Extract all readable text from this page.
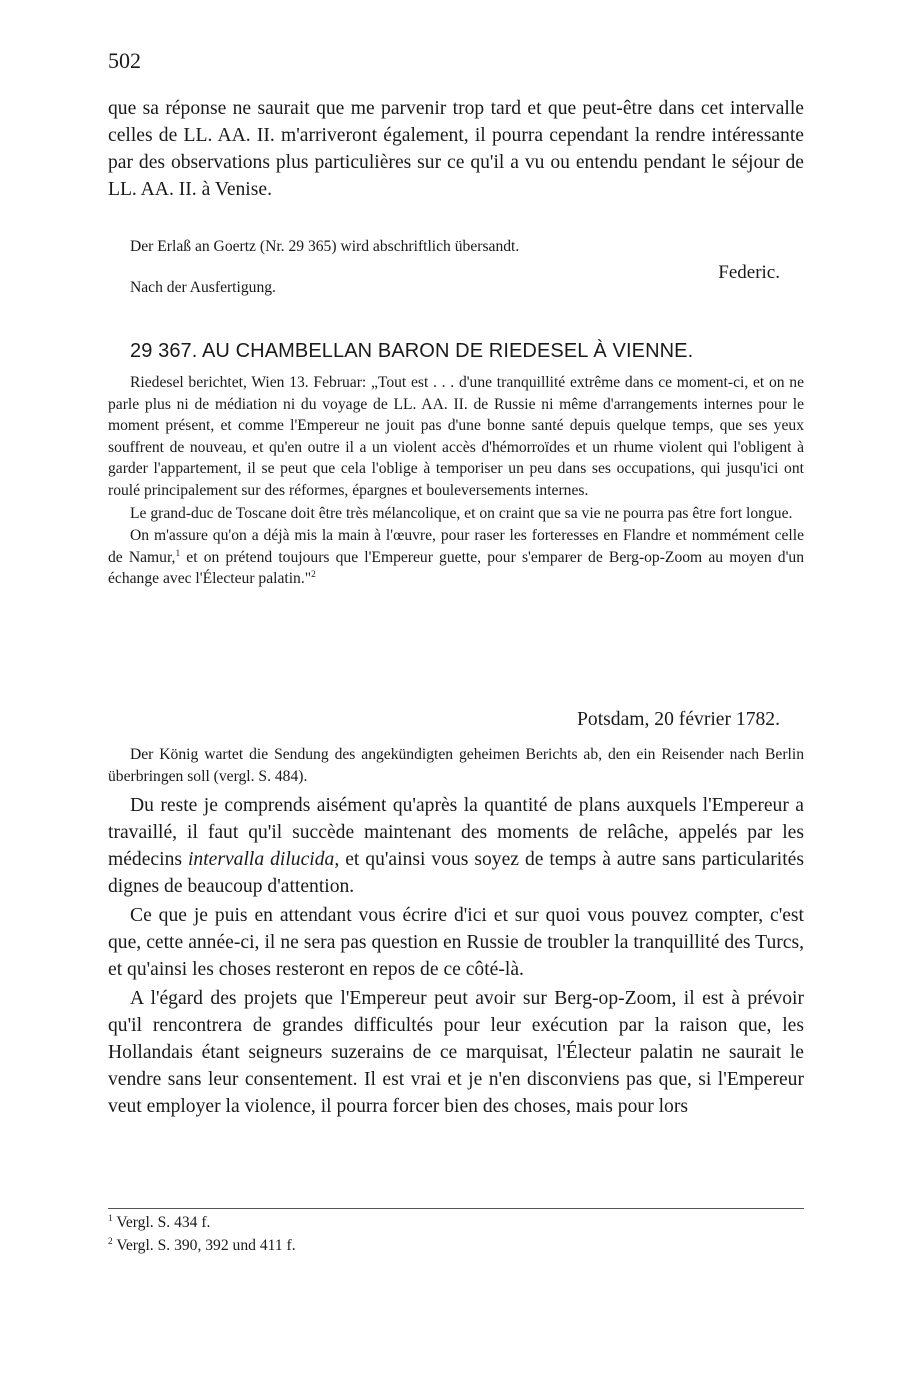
502

que sa réponse ne saurait que me parvenir trop tard et que peut-être dans cet intervalle celles de LL. AA. II. m'arriveront également, il pourra cependant la rendre intéressante par des observations plus particulières sur ce qu'il a vu ou entendu pendant le séjour de LL. AA. II. à Venise.

Der Erlaß an Goertz (Nr. 29 365) wird abschriftlich übersandt.

Federic.
Nach der Ausfertigung.
29 367. AU CHAMBELLAN BARON DE RIEDESEL À VIENNE.

Riedesel berichtet, Wien 13. Februar: „Tout est . . . d'une tranquillité extrême dans ce moment-ci, et on ne parle plus ni de médiation ni du voyage de LL. AA. II. de Russie ni même d'arrangements internes pour le moment présent, et comme l'Empereur ne jouit pas d'une bonne santé depuis quelque temps, que ses yeux souffrent de nouveau, et qu'en outre il a un violent accès d'hémorroïdes et un rhume violent qui l'obligent à garder l'appartement, il se peut que cela l'oblige à temporiser un peu dans ses occupations, qui jusqu'ici ont roulé principalement sur des réformes, épargnes et bouleversements internes.

Le grand-duc de Toscane doit être très mélancolique, et on craint que sa vie ne pourra pas être fort longue.

On m'assure qu'on a déjà mis la main à l'œuvre, pour raser les forteresses en Flandre et nommément celle de Namur,$^1$ et on prétend toujours que l'Empereur guette, pour s'emparer de Berg-op-Zoom au moyen d'un échange avec l'Électeur palatin."$^2$

Potsdam, 20 février 1782.

Der König wartet die Sendung des angekündigten geheimen Berichts ab, den ein Reisender nach Berlin überbringen soll (vergl. S. 484).

Du reste je comprends aisément qu'après la quantité de plans auxquels l'Empereur a travaillé, il faut qu'il succède maintenant des moments de relâche, appelés par les médecins intervalla dilucida, et qu'ainsi vous soyez de temps à autre sans particularités dignes de beaucoup d'attention.

Ce que je puis en attendant vous écrire d'ici et sur quoi vous pouvez compter, c'est que, cette année-ci, il ne sera pas question en Russie de troubler la tranquillité des Turcs, et qu'ainsi les choses resteront en repos de ce côté-là.

A l'égard des projets que l'Empereur peut avoir sur Berg-op-Zoom, il est à prévoir qu'il rencontrera de grandes difficultés pour leur exécution par la raison que, les Hollandais étant seigneurs suzerains de ce marquisat, l'Électeur palatin ne saurait le vendre sans leur consentement. Il est vrai et je n'en disconviens pas que, si l'Empereur veut employer la violence, il pourra forcer bien des choses, mais pour lors

$^1$ Vergl. S. 434 f.
$^2$ Vergl. S. 390, 392 und 411 f.
